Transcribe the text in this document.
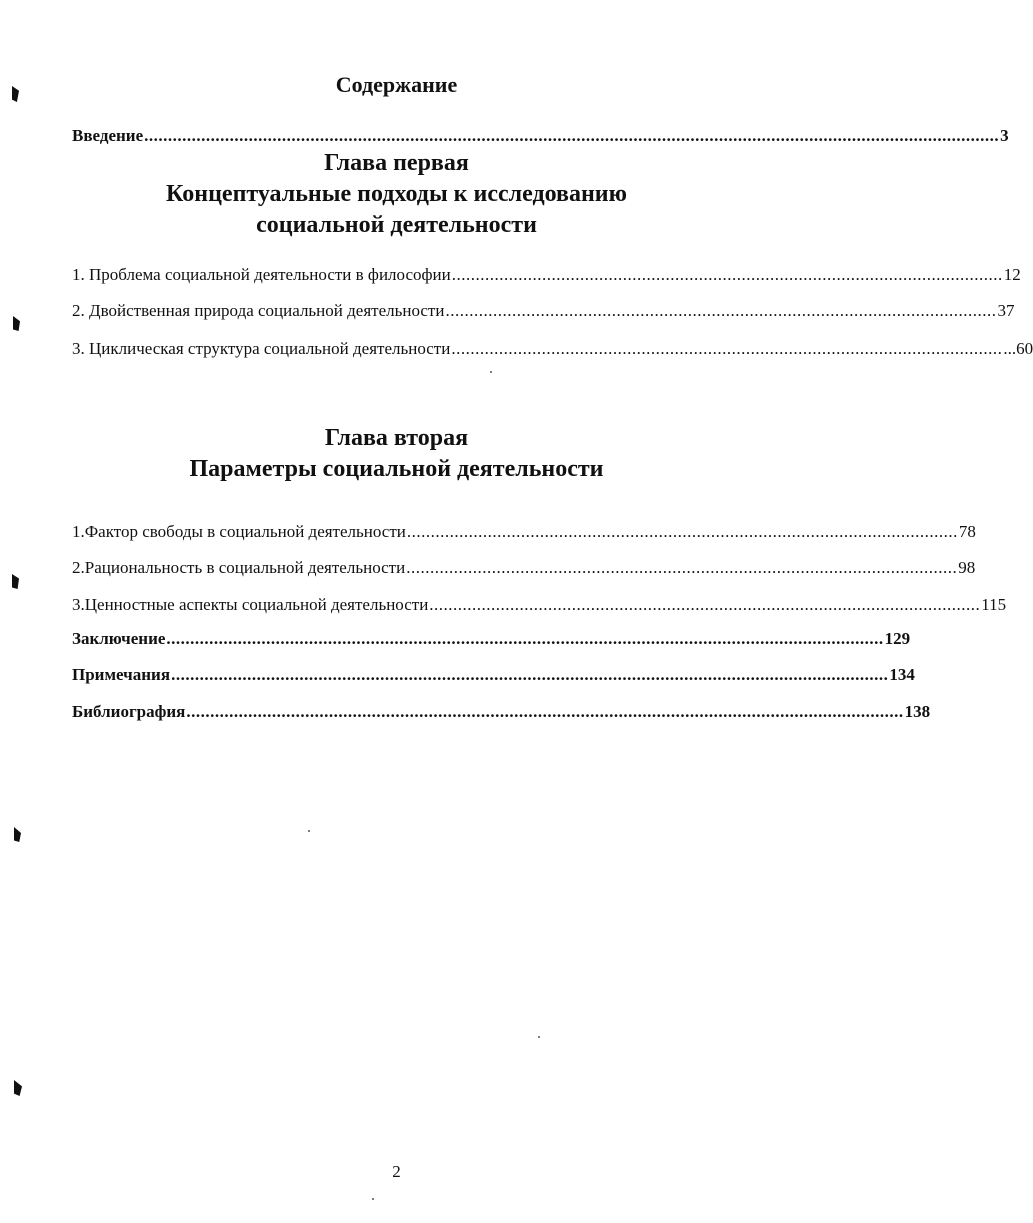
Содержание
Введение .................................................................................................................................................................................... 3
Глава первая
Концептуальные подходы к исследованию
социальной деятельности
1. Проблема социальной деятельности в философии .................................................................................................................... 12
2. Двойственная природа социальной деятельности .................................................................................................................... 37
3. Циклическая структура социальной деятельности .................................................................................................................... ...60
Глава вторая
Параметры социальной деятельности
1.Фактор свободы в социальной деятельности .................................................................................................................... 78
2.Рациональность в социальной деятельности .................................................................................................................... 98
3.Ценностные аспекты социальной деятельности .................................................................................................................... 115
Заключение ....................................................................................................................................................... 129
Примечания ....................................................................................................................................................... 134
Библиография ....................................................................................................................................................... 138
2
